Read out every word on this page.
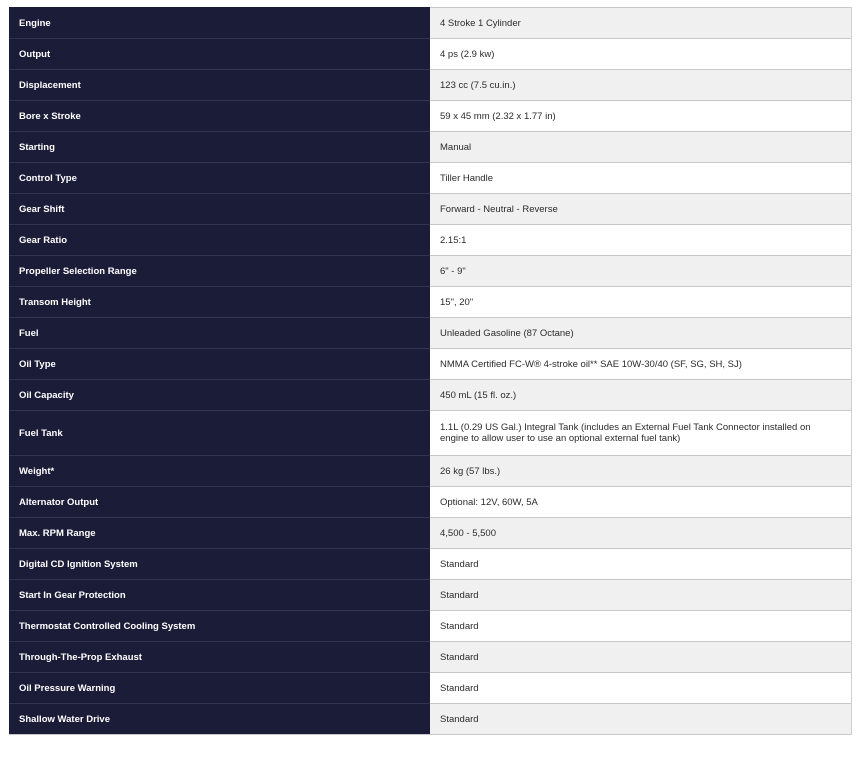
Engine	4 Stroke 1 Cylinder
Output	4 ps (2.9 kw)
Displacement	123 cc (7.5 cu.in.)
Bore x Stroke	59 x 45 mm (2.32 x 1.77 in)
Starting	Manual
Control Type	Tiller Handle
Gear Shift	Forward - Neutral - Reverse
Gear Ratio	2.15:1
Propeller Selection Range	6" - 9"
Transom Height	15", 20"
Fuel	Unleaded Gasoline (87 Octane)
Oil Type	NMMA Certified FC-W® 4-stroke oil** SAE 10W-30/40 (SF, SG, SH, SJ)
Oil Capacity	450 mL (15 fl. oz.)
Fuel Tank	1.1L (0.29 US Gal.) Integral Tank (includes an External Fuel Tank Connector installed on engine to allow user to use an optional external fuel tank)
Weight*	26 kg (57 lbs.)
Alternator Output	Optional: 12V, 60W, 5A
Max. RPM Range	4,500 - 5,500
Digital CD Ignition System	Standard
Start In Gear Protection	Standard
Thermostat Controlled Cooling System	Standard
Through-The-Prop Exhaust	Standard
Oil Pressure Warning	Standard
Shallow Water Drive	Standard
